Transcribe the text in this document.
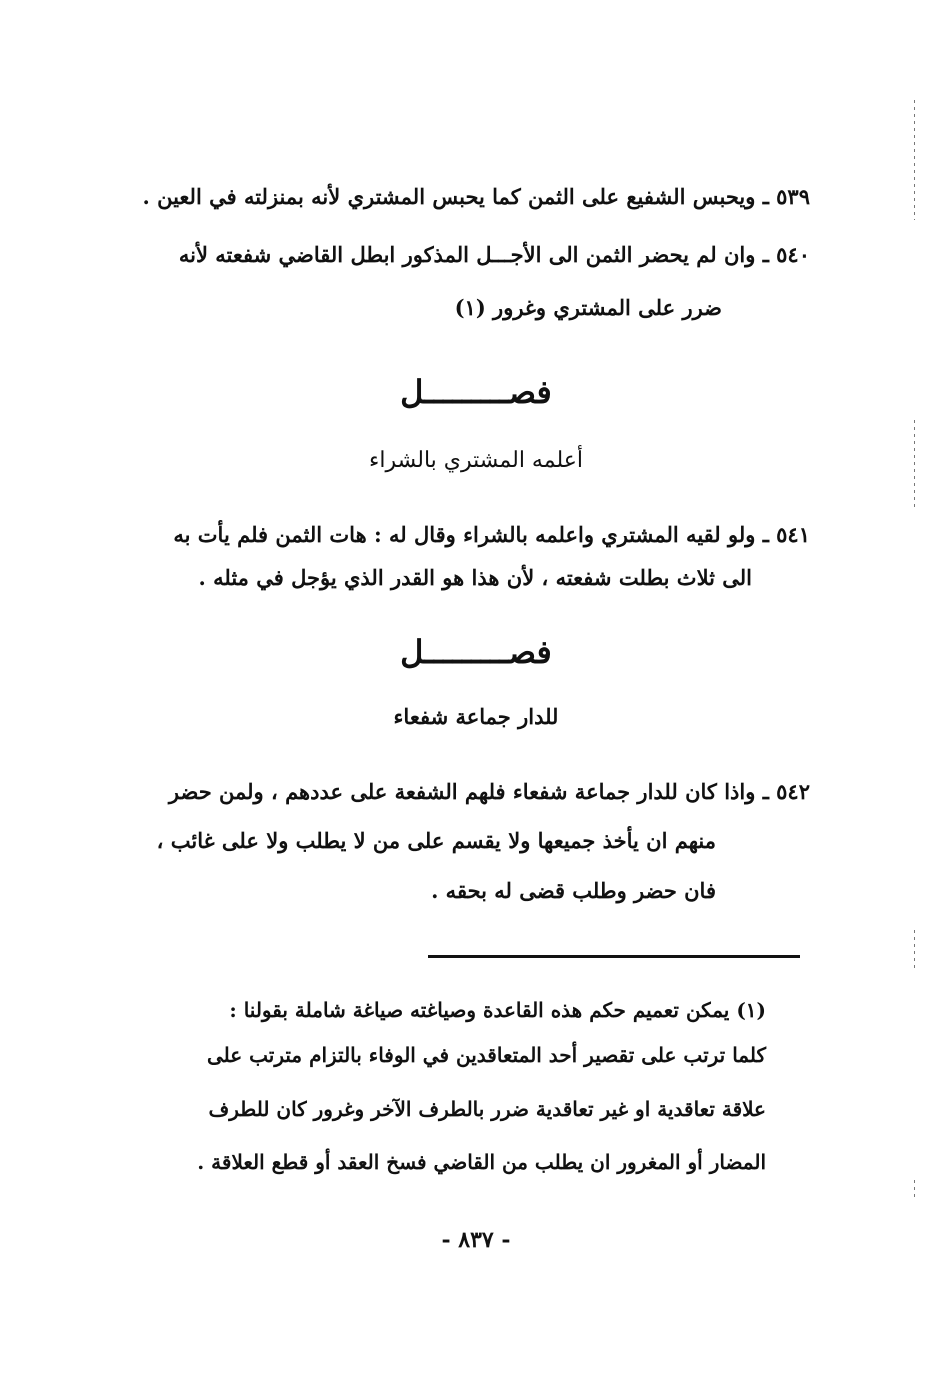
٥٣٩ ـ ويحبس الشفيع على الثمن كما يحبس المشتري لأنه بمنزلته في العين .
٥٤٠ ـ وان لم يحضر الثمن الى الأجـــل المذكور ابطل القاضي شفعته لأنه
ضرر على المشتري وغرور (١)
فصـــــــــل
أعلمه المشتري بالشراء
٥٤١ ـ ولو لقيه المشتري واعلمه بالشراء وقال له : هات الثمن فلم يأت به
الى ثلاث بطلت شفعته ، لأن هذا هو القدر الذي يؤجل في مثله .
فصـــــــــل
للدار جماعة شفعاء
٥٤٢ ـ واذا كان للدار جماعة شفعاء فلهم الشفعة على عددهم ، ولمن حضر
منهم ان يأخذ جميعها ولا يقسم على من لا يطلب ولا على غائب ،
فان حضر وطلب قضى له بحقه .
(١) يمكن تعميم حكم هذه القاعدة وصياغته صياغة شاملة بقولنا :
كلما ترتب على تقصير أحد المتعاقدين في الوفاء بالتزام مترتب على
علاقة تعاقدية او غير تعاقدية ضرر بالطرف الآخر وغرور كان للطرف
المضار أو المغرور ان يطلب من القاضي فسخ العقد أو قطع العلاقة .
- ٨٣٧ -
